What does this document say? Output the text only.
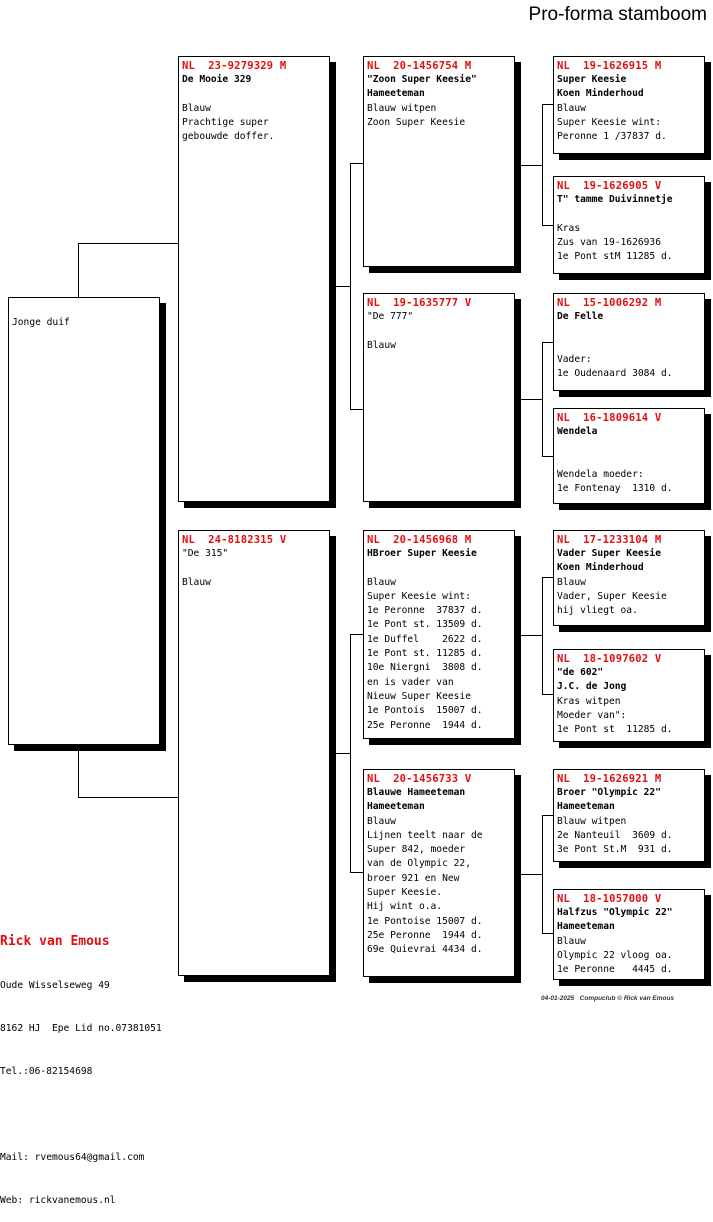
Pro-forma stamboom
Jonge duif
NL  23-9279329 M
De Mooie 329

Blauw
Prachtige super
gebouwde doffer.
NL  24-8182315 V
"De 315"

Blauw
NL  20-1456754 M
"Zoon Super Keesie"
Hameeteman
Blauw witpen
Zoon Super Keesie
NL  19-1635777 V
"De 777"

Blauw
NL  20-1456968 M
HBroer Super Keesie

Blauw
Super Keesie wint:
1e Peronne  37837 d.
1e Pont st. 13509 d.
1e Duffel    2622 d.
1e Pont st. 11285 d.
10e Niergni  3808 d.
en is vader van
Nieuw Super Keesie
1e Pontois  15007 d.
25e Peronne  1944 d.
NL  20-1456733 V
Blauwe Hameeteman
Hameeteman
Blauw
Lijnen teelt naar de
Super 842, moeder
van de Olympic 22,
broer 921 en New
Super Keesie.
Hij wint o.a.
1e Pontoise 15007 d.
25e Peronne  1944 d.
69e Quievrai 4434 d.
NL  19-1626915 M
Super Keesie
Koen Minderhoud
Blauw
Super Keesie wint:
Peronne 1 /37837 d.
NL  19-1626905 V
T" tamme Duivinnetje

Kras
Zus van 19-1626936
1e Pont stM 11285 d.
NL  15-1006292 M
De Felle

Vader:
1e Oudenaard 3084 d.
NL  16-1809614 V
Wendela

Wendela moeder:
1e Fontenay  1310 d.
NL  17-1233104 M
Vader Super Keesie
Koen Minderhoud
Blauw
Vader, Super Keesie
hij vliegt oa.
NL  18-1097602 V
"de 602"
J.C. de Jong
Kras witpen
Moeder van":
1e Pont st  11285 d.
NL  19-1626921 M
Broer "Olympic 22"
Hameeteman
Blauw witpen
2e Nanteuil  3609 d.
3e Pont St.M  931 d.
NL  18-1057000 V
Halfzus "Olympic 22"
Hameeteman
Blauw
Olympic 22 vloog oa.
1e Peronne   4445 d.

Rick van Emous

Oude Wisselseweg 49

8162 HJ  Epe Lid no.07381051

Tel.:06-82154698

Mail: rvemous64@gmail.com

Web: rickvanemous.nl

04-01-2025   Compuclub © Rick van Emous
